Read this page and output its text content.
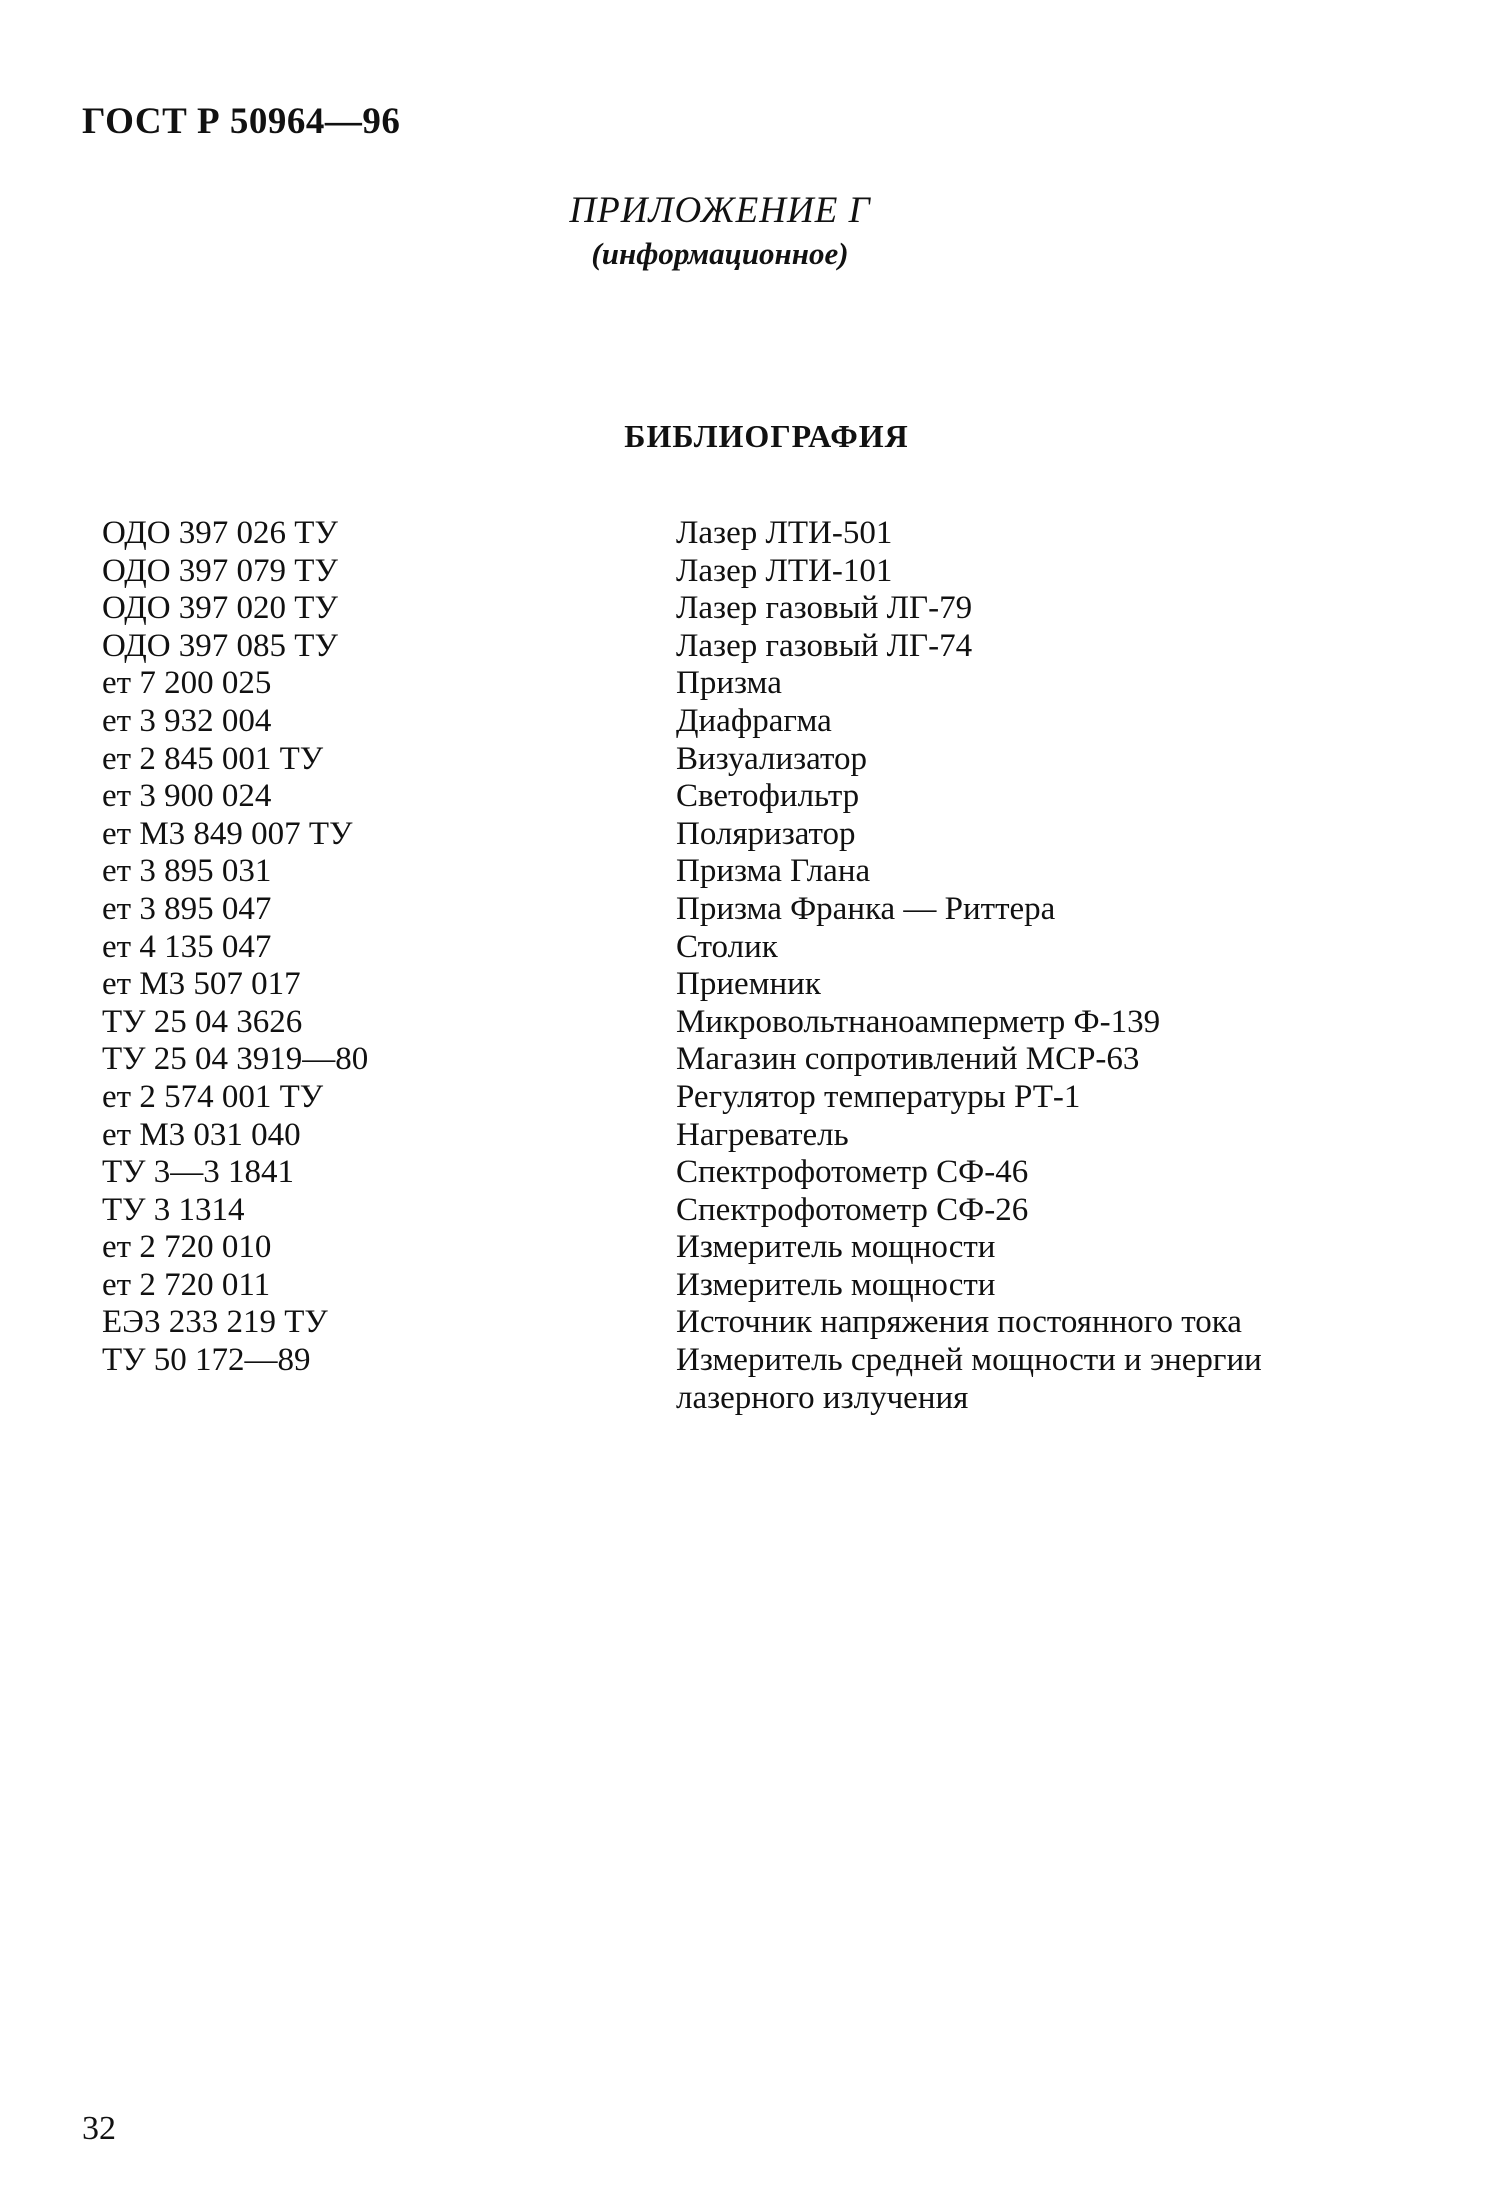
ГОСТ Р 50964—96
ПРИЛОЖЕНИЕ Г
(информационное)
БИБЛИОГРАФИЯ
ОДО 397 026 ТУ	Лазер ЛТИ-501
ОДО 397 079 ТУ	Лазер ЛТИ-101
ОДО 397 020 ТУ	Лазер газовый ЛГ-79
ОДО 397 085 ТУ	Лазер газовый ЛГ-74
ет 7 200 025	Призма
ет 3 932 004	Диафрагма
ет 2 845 001 ТУ	Визуализатор
ет 3 900 024	Светофильтр
ет М3 849 007 ТУ	Поляризатор
ет 3 895 031	Призма Глана
ет 3 895 047	Призма Франка — Риттера
ет 4 135 047	Столик
ет М3 507 017	Приемник
ТУ 25 04 3626	Микровольтнаноамперметр Ф-139
ТУ 25 04 3919—80	Магазин сопротивлений МСР-63
ет 2 574 001 ТУ	Регулятор температуры РТ-1
ет М3 031 040	Нагреватель
ТУ 3—3 1841	Спектрофотометр СФ-46
ТУ 3 1314	Спектрофотометр СФ-26
ет 2 720 010	Измеритель мощности
ет 2 720 011	Измеритель мощности
ЕЭ3 233 219 ТУ	Источник напряжения постоянного тока
ТУ 50 172—89	Измеритель средней мощности и энергии лазерного излучения
32
